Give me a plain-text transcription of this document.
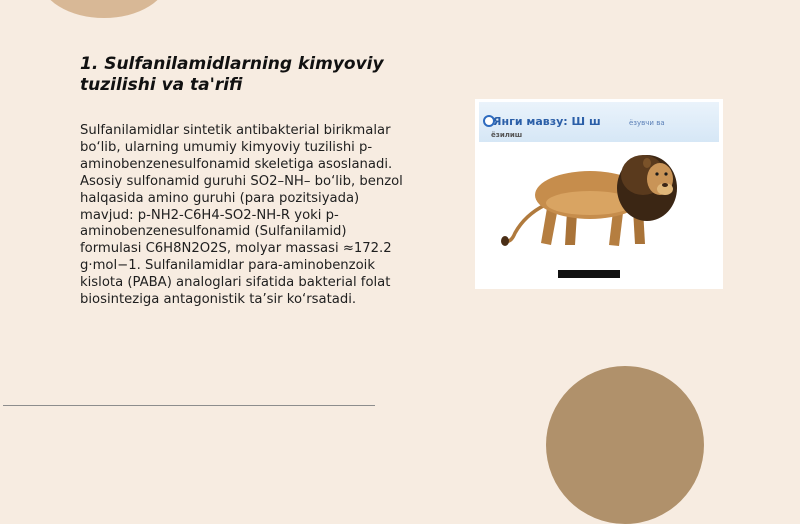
1. Sulfanilamidlarning kimyoviy tuzilishi va ta'rifi

Sulfanilamidlar sintetik antibakterial birikmalar bo‘lib, ularning umumiy kimyoviy tuzilishi p-aminobenzenesulfonamid skeletiga asoslanadi. Asosiy sulfonamid guruhi SO2–NH– bo‘lib, benzol halqasida amino guruhi (para pozitsiyada) mavjud: p-NH2-C6H4-SO2-NH-R yoki p-aminobenzenesulfonamid (Sulfanilamid) formulasi C6H8N2O2S, molyar massasi ≈172.2 g·mol−1. Sulfanilamidlar para-aminobenzoik kislota (PABA) analoglari sifatida bakterial folat biosinteziga antagonistik ta’sir ko‘rsatadi.

Янги мавзу: Ш ш	ёзувчи ва
ёзилиш
